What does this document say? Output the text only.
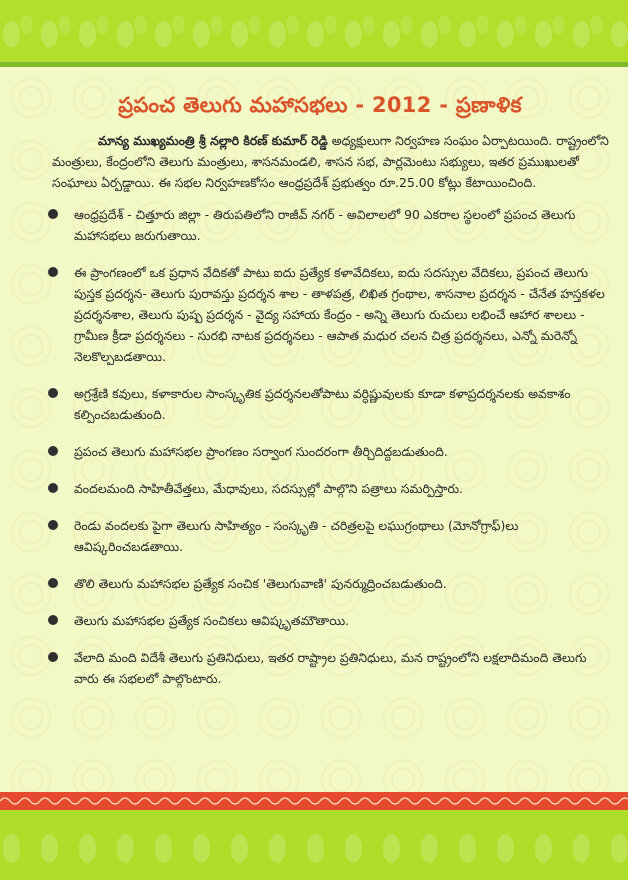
ప్రపంచ తెలుగు మహాసభలు - 2012 - ప్రణాళిక

మాన్య ముఖ్యమంత్రి శ్రీ నల్లారి కిరణ్ కుమార్ రెడ్డి అధ్యక్షులుగా నిర్వహణ సంఘం ఏర్పాటయింది. రాష్ట్రంలోని మంత్రులు, కేంద్రంలోని తెలుగు మంత్రులు, శాసనమండలి, శాసన సభ, పార్లమెంటు సభ్యులు, ఇతర ప్రముఖులతో సంఘాలు ఏర్పడ్డాయి. ఈ సభల నిర్వహణకోసం ఆంధ్రప్రదేశ్ ప్రభుత్వం రూ.25.00 కోట్లు కేటాయించింది.

ఆంధ్రప్రదేశ్ - చిత్తూరు జిల్లా - తిరుపతిలోని రాజీవ్ నగర్ - అవిలాలలో 90 ఎకరాల స్థలంలో ప్రపంచ తెలుగు మహాసభలు జరుగుతాయి.
ఈ ప్రాంగణంలో ఒక ప్రధాన వేదికతో పాటు ఐదు ప్రత్యేక కళావేదికలు, ఐదు సదస్సుల వేదికలు, ప్రపంచ తెలుగు పుస్తక ప్రదర్శన- తెలుగు పురావస్తు ప్రదర్శన శాల - తాళపత్ర, లిఖిత గ్రంథాల, శాసనాల ప్రదర్శన - చేనేత హస్తకళల ప్రదర్శనశాల, తెలుగు పుష్ప ప్రదర్శన - వైద్య సహాయ కేంద్రం - అన్ని తెలుగు రుచులు లభించే ఆహార శాలలు - గ్రామీణ క్రీడా ప్రదర్శనలు - సురభి నాటక ప్రదర్శనలు - ఆపాత మధుర చలన చిత్ర ప్రదర్శనలు, ఎన్నో మరెన్నో నెలకొల్పబడతాయి.
అగ్రశ్రేణి కవులు, కళాకారుల సాంస్కృతిక ప్రదర్శనలతోపాటు వర్ధిష్ణువులకు కూడా కళాప్రదర్శనలకు అవకాశం కల్పించబడుతుంది.
ప్రపంచ తెలుగు మహాసభల ప్రాంగణం సర్వాంగ సుందరంగా తీర్చిదిద్దబడుతుంది.
వందలమంది సాహితీవేత్తలు, మేధావులు, సదస్సుల్లో పాల్గొని పత్రాలు సమర్పిస్తారు.
రెండు వందలకు పైగా తెలుగు సాహిత్యం - సంస్కృతి - చరిత్రలపై లఘుగ్రంథాలు (మోనోగ్రాఫ్)లు ఆవిష్కరించబడతాయి.
తొలి తెలుగు మహాసభల ప్రత్యేక సంచిక 'తెలుగువాణి' పునర్ముద్రించబడుతుంది.
తెలుగు మహాసభల ప్రత్యేక సంచికలు ఆవిష్కృతమౌతాయి.
వేలాది మంది విదేశీ తెలుగు ప్రతినిధులు, ఇతర రాష్ట్రాల ప్రతినిధులు, మన రాష్ట్రంలోని లక్షలాదిమంది తెలుగు వారు ఈ సభలలో పాల్గొంటారు.
